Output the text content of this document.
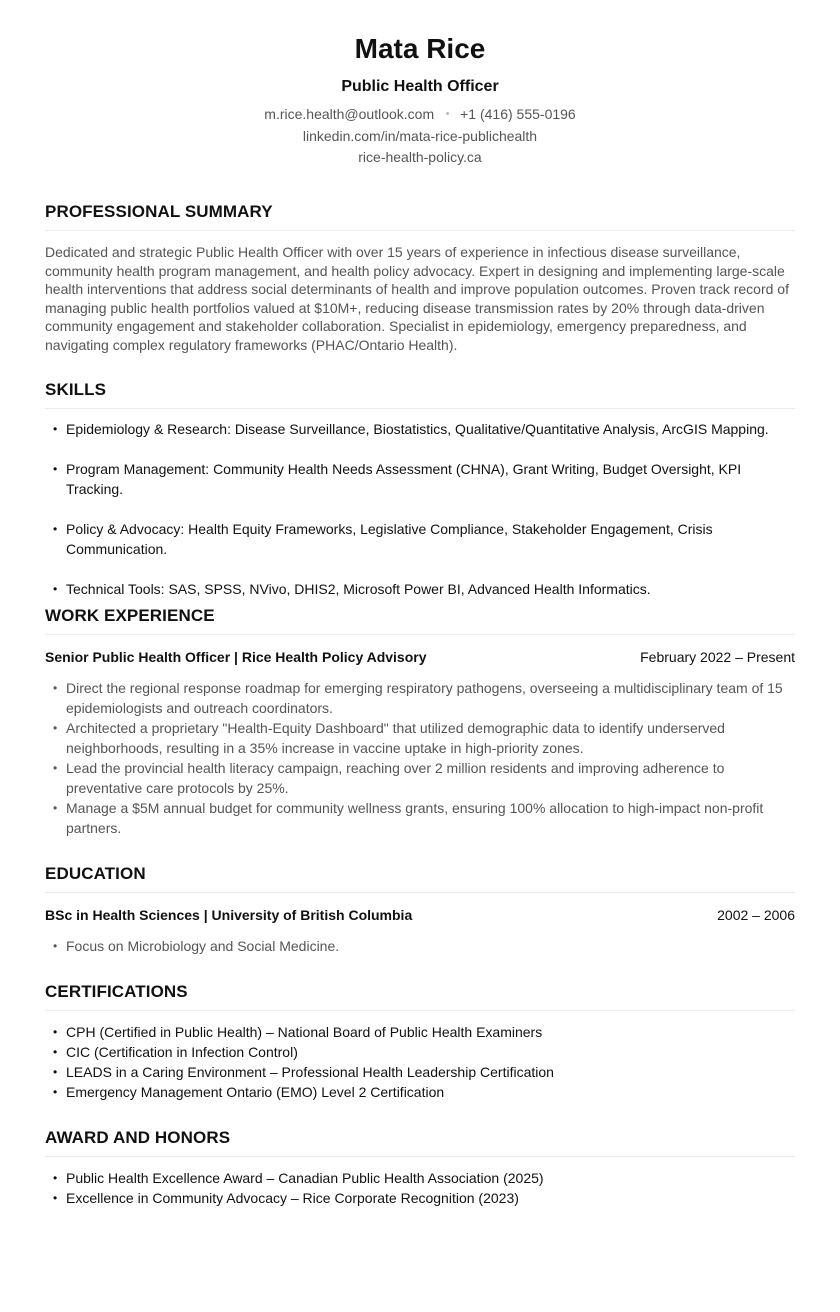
Mata Rice
Public Health Officer
m.rice.health@outlook.com +1 (416) 555-0196
linkedin.com/in/mata-rice-publichealth
rice-health-policy.ca
PROFESSIONAL SUMMARY
Dedicated and strategic Public Health Officer with over 15 years of experience in infectious disease surveillance, community health program management, and health policy advocacy. Expert in designing and implementing large-scale health interventions that address social determinants of health and improve population outcomes. Proven track record of managing public health portfolios valued at $10M+, reducing disease transmission rates by 20% through data-driven community engagement and stakeholder collaboration. Specialist in epidemiology, emergency preparedness, and navigating complex regulatory frameworks (PHAC/Ontario Health).
SKILLS
• Epidemiology & Research: Disease Surveillance, Biostatistics, Qualitative/Quantitative Analysis, ArcGIS Mapping.
• Program Management: Community Health Needs Assessment (CHNA), Grant Writing, Budget Oversight, KPI Tracking.
• Policy & Advocacy: Health Equity Frameworks, Legislative Compliance, Stakeholder Engagement, Crisis Communication.
• Technical Tools: SAS, SPSS, NVivo, DHIS2, Microsoft Power BI, Advanced Health Informatics.
WORK EXPERIENCE
Senior Public Health Officer | Rice Health Policy Advisory	February 2022 – Present
• Direct the regional response roadmap for emerging respiratory pathogens, overseeing a multidisciplinary team of 15 epidemiologists and outreach coordinators.
• Architected a proprietary "Health-Equity Dashboard" that utilized demographic data to identify underserved neighborhoods, resulting in a 35% increase in vaccine uptake in high-priority zones.
• Lead the provincial health literacy campaign, reaching over 2 million residents and improving adherence to preventative care protocols by 25%.
• Manage a $5M annual budget for community wellness grants, ensuring 100% allocation to high-impact non-profit partners.
EDUCATION
BSc in Health Sciences | University of British Columbia	2002 – 2006
• Focus on Microbiology and Social Medicine.
CERTIFICATIONS
• CPH (Certified in Public Health) – National Board of Public Health Examiners
• CIC (Certification in Infection Control)
• LEADS in a Caring Environment – Professional Health Leadership Certification
• Emergency Management Ontario (EMO) Level 2 Certification
AWARD AND HONORS
• Public Health Excellence Award – Canadian Public Health Association (2025)
• Excellence in Community Advocacy – Rice Corporate Recognition (2023)
